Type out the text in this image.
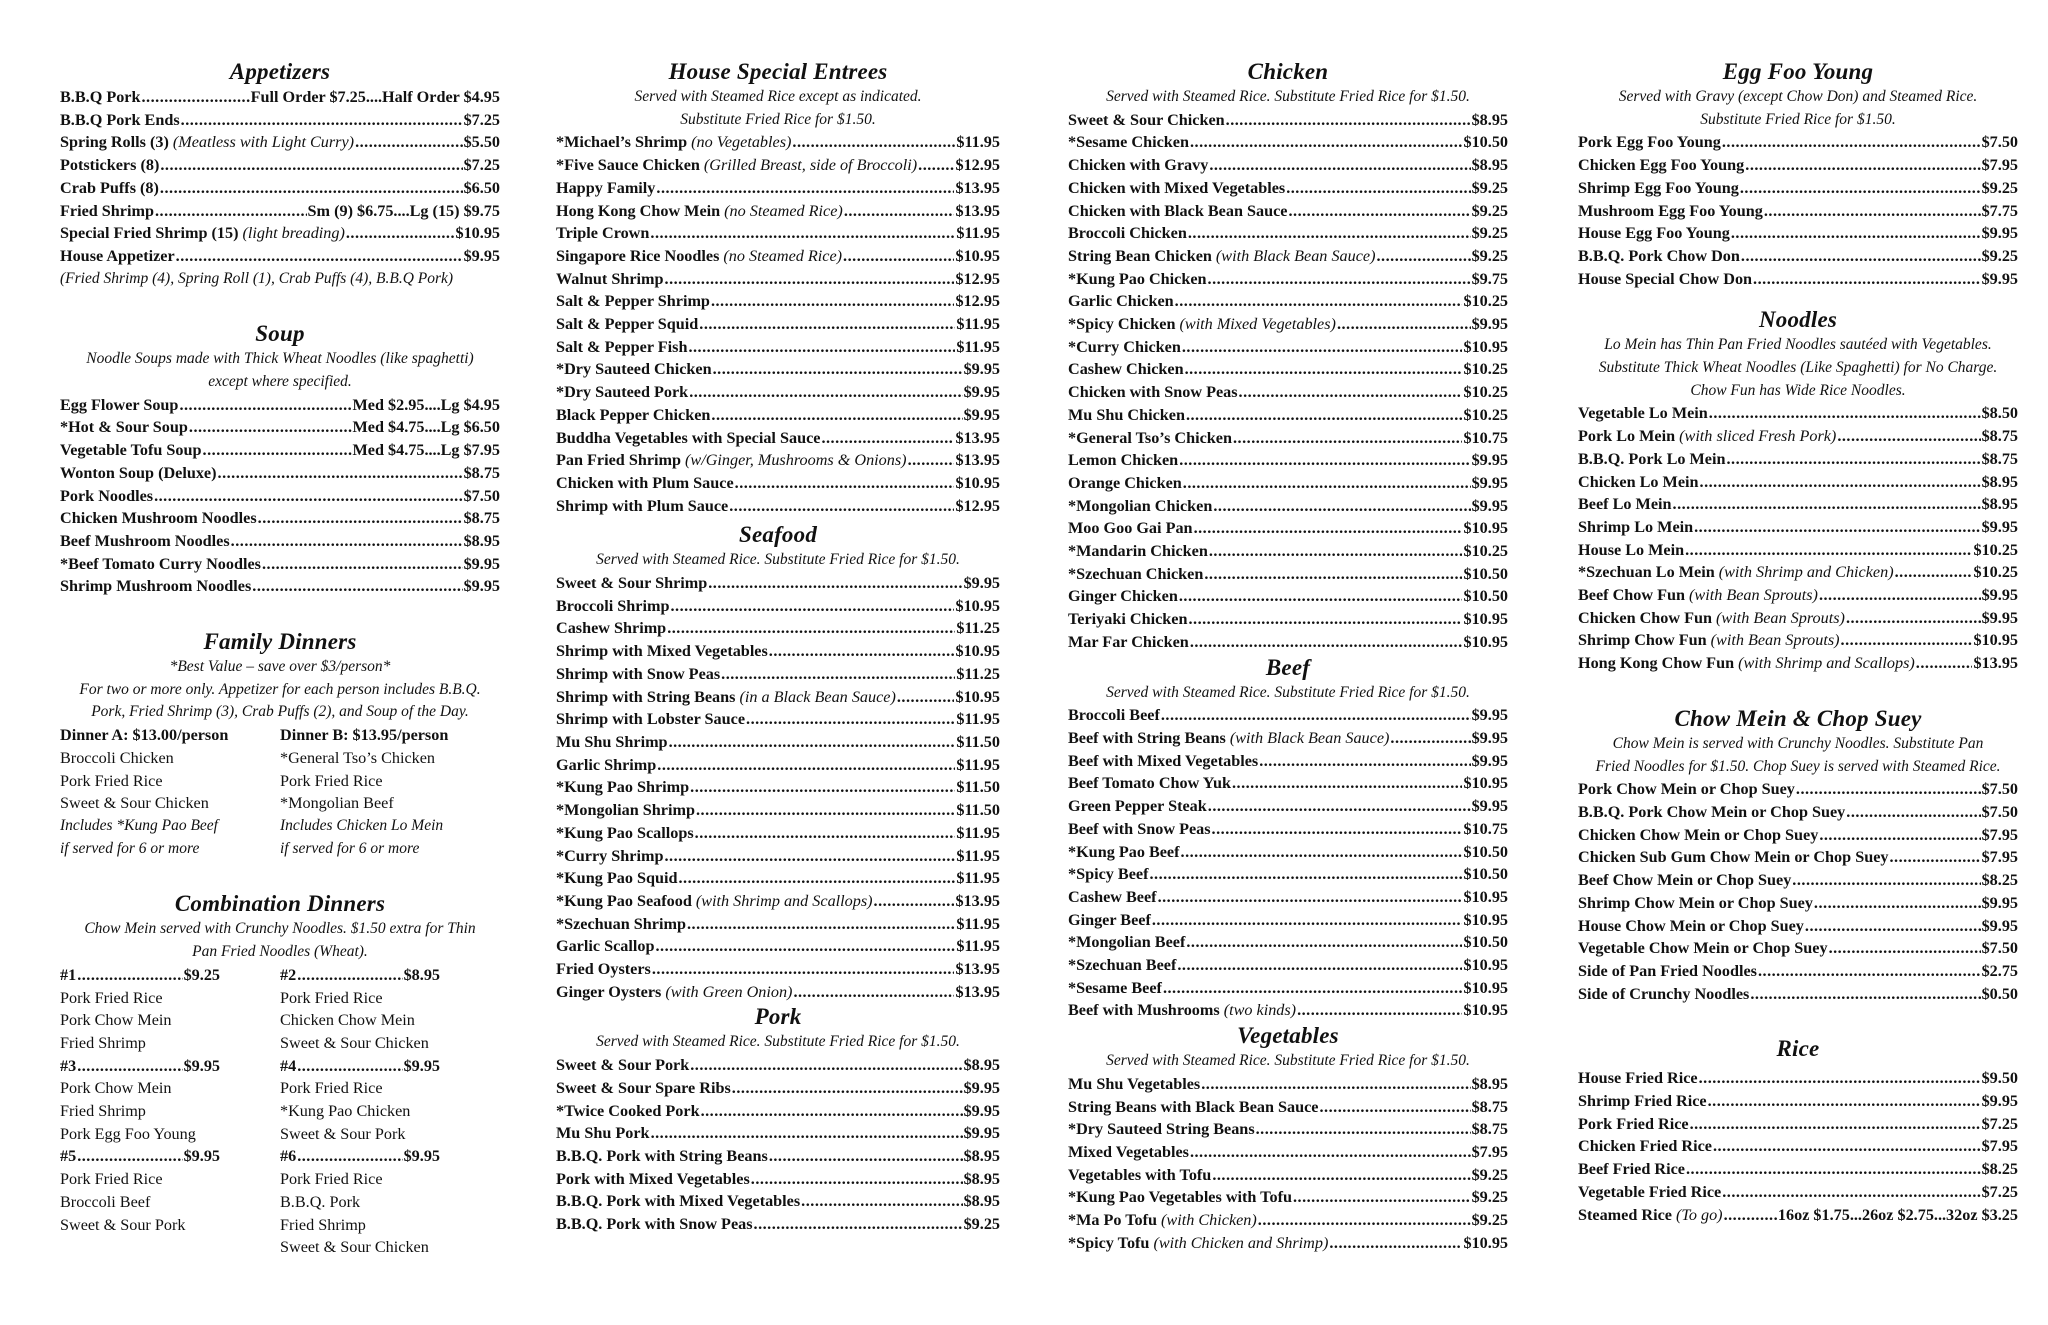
Appetizers
B.B.Q Pork .....	Full Order $7.25....Half Order $4.95
B.B.Q Pork Ends .....	$7.25
Spring Rolls (3) (Meatless with Light Curry) .....	$5.50
Potstickers (8) .....	$7.25
Crab Puffs (8) .....	$6.50
Fried Shrimp .....	Sm (9) $6.75....Lg (15) $9.75
Special Fried Shrimp (15) (light breading) .....	$10.95
House Appetizer .....	$9.95

(Fried Shrimp (4), Spring Roll (1), Crab Puffs (4), B.B.Q Pork)

Soup

Noodle Soups made with Thick Wheat Noodles (like spaghetti)

except where specified.

Egg Flower Soup .....	Med $2.95....Lg $4.95
*Hot & Sour Soup .....	Med $4.75....Lg $6.50
Vegetable Tofu Soup .....	Med $4.75....Lg $7.95
Wonton Soup (Deluxe) .....	$8.75
Pork Noodles .....	$7.50
Chicken Mushroom Noodles .....	$8.75
Beef Mushroom Noodles .....	$8.95
*Beef Tomato Curry Noodles .....	$9.95
Shrimp Mushroom Noodles .....	$9.95
Family Dinners

*Best Value – save over $3/person*

For two or more only. Appetizer for each person includes B.B.Q.

Pork, Fried Shrimp (3), Crab Puffs (2), and Soup of the Day.

Dinner A: $13.00/person

Broccoli Chicken

Pork Fried Rice

Sweet & Sour Chicken

Includes *Kung Pao Beef

if served for 6 or more

Dinner B: $13.95/person

*General Tso’s Chicken

Pork Fried Rice

*Mongolian Beef

Includes Chicken Lo Mein

if served for 6 or more

Combination Dinners

Chow Mein served with Crunchy Noodles. $1.50 extra for Thin

Pan Fried Noodles (Wheat).

#1 .....	$9.25

Pork Fried Rice

Pork Chow Mein

Fried Shrimp

#2 .....	$8.95

Pork Fried Rice

Chicken Chow Mein

Sweet & Sour Chicken

#3 .....	$9.95

Pork Chow Mein

Fried Shrimp

Pork Egg Foo Young

#4 .....	$9.95

Pork Fried Rice

*Kung Pao Chicken

Sweet & Sour Pork

#5 .....	$9.95

Pork Fried Rice

Broccoli Beef

Sweet & Sour Pork

#6 .....	$9.95

Pork Fried Rice

B.B.Q. Pork

Fried Shrimp

Sweet & Sour Chicken

House Special Entrees

Served with Steamed Rice except as indicated.

Substitute Fried Rice for $1.50.

*Michael’s Shrimp (no Vegetables) .....	$11.95
*Five Sauce Chicken (Grilled Breast, side of Broccoli) ..... $12.95
Happy Family .....	$13.95
Hong Kong Chow Mein (no Steamed Rice) .....	$13.95
Triple Crown .....	$11.95
Singapore Rice Noodles (no Steamed Rice) .....	$10.95
Walnut Shrimp .....	$12.95
Salt & Pepper Shrimp .....	$12.95
Salt & Pepper Squid .....	$11.95
Salt & Pepper Fish .....	$11.95
*Dry Sauteed Chicken .....	$9.95
*Dry Sauteed Pork .....	$9.95
Black Pepper Chicken .....	$9.95
Buddha Vegetables with Special Sauce .....	$13.95
Pan Fried Shrimp (w/Ginger, Mushrooms & Onions) .....	$13.95
Chicken with Plum Sauce .....	$10.95
Shrimp with Plum Sauce .....	$12.95
Seafood

Served with Steamed Rice. Substitute Fried Rice for $1.50.

Sweet & Sour Shrimp .....	$9.95
Broccoli Shrimp .....	$10.95
Cashew Shrimp .....	$11.25
Shrimp with Mixed Vegetables .....	$10.95
Shrimp with Snow Peas .....	$11.25
Shrimp with String Beans (in a Black Bean Sauce) .....	$10.95
Shrimp with Lobster Sauce .....	$11.95
Mu Shu Shrimp .....	$11.50
Garlic Shrimp .....	$11.95
*Kung Pao Shrimp .....	$11.50
*Mongolian Shrimp .....	$11.50
*Kung Pao Scallops .....	$11.95
*Curry Shrimp .....	$11.95
*Kung Pao Squid .....	$11.95
*Kung Pao Seafood (with Shrimp and Scallops) .....	$13.95
*Szechuan Shrimp .....	$11.95
Garlic Scallop .....	$11.95
Fried Oysters .....	$13.95
Ginger Oysters (with Green Onion) .....	$13.95
Pork

Served with Steamed Rice. Substitute Fried Rice for $1.50.

Sweet & Sour Pork .....	$8.95
Sweet & Sour Spare Ribs .....	$9.95
*Twice Cooked Pork .....	$9.95
Mu Shu Pork .....	$9.95
B.B.Q. Pork with String Beans .....	$8.95
Pork with Mixed Vegetables .....	$8.95
B.B.Q. Pork with Mixed Vegetables .....	$8.95
B.B.Q. Pork with Snow Peas .....	$9.25
Chicken

Served with Steamed Rice. Substitute Fried Rice for $1.50.

Sweet & Sour Chicken .....	$8.95
*Sesame Chicken .....	$10.50
Chicken with Gravy .....	$8.95
Chicken with Mixed Vegetables .....	$9.25
Chicken with Black Bean Sauce .....	$9.25
Broccoli Chicken .....	$9.25
String Bean Chicken (with Black Bean Sauce) .....	$9.25
*Kung Pao Chicken .....	$9.75
Garlic Chicken .....	$10.25
*Spicy Chicken (with Mixed Vegetables) .....	$9.95
*Curry Chicken .....	$10.95
Cashew Chicken .....	$10.25
Chicken with Snow Peas .....	$10.25
Mu Shu Chicken .....	$10.25
*General Tso’s Chicken .....	$10.75
Lemon Chicken .....	$9.95
Orange Chicken .....	$9.95
*Mongolian Chicken .....	$9.95
Moo Goo Gai Pan .....	$10.95
*Mandarin Chicken .....	$10.25
*Szechuan Chicken .....	$10.50
Ginger Chicken .....	$10.50
Teriyaki Chicken .....	$10.95
Mar Far Chicken .....	$10.95
Beef

Served with Steamed Rice. Substitute Fried Rice for $1.50.

Broccoli Beef .....	$9.95
Beef with String Beans (with Black Bean Sauce) .....	$9.95
Beef with Mixed Vegetables .....	$9.95
Beef Tomato Chow Yuk .....	$10.95
Green Pepper Steak .....	$9.95
Beef with Snow Peas .....	$10.75
*Kung Pao Beef .....	$10.50
*Spicy Beef .....	$10.50
Cashew Beef .....	$10.95
Ginger Beef .....	$10.95
*Mongolian Beef .....	$10.50
*Szechuan Beef .....	$10.95
*Sesame Beef .....	$10.95
Beef with Mushrooms (two kinds) .....	$10.95
Vegetables

Served with Steamed Rice. Substitute Fried Rice for $1.50.

Mu Shu Vegetables .....	$8.95
String Beans with Black Bean Sauce .....	$8.75
*Dry Sauteed String Beans .....	$8.75
Mixed Vegetables .....	$7.95
Vegetables with Tofu .....	$9.25
*Kung Pao Vegetables with Tofu .....	$9.25
*Ma Po Tofu (with Chicken) .....	$9.25
*Spicy Tofu (with Chicken and Shrimp) .....	$10.95
Egg Foo Young

Served with Gravy (except Chow Don) and Steamed Rice.

Substitute Fried Rice for $1.50.

Pork Egg Foo Young .....	$7.50
Chicken Egg Foo Young .....	$7.95
Shrimp Egg Foo Young .....	$9.25
Mushroom Egg Foo Young .....	$7.75
House Egg Foo Young .....	$9.95
B.B.Q. Pork Chow Don .....	$9.25
House Special Chow Don .....	$9.95
Noodles

Lo Mein has Thin Pan Fried Noodles sautéed with Vegetables.

Substitute Thick Wheat Noodles (Like Spaghetti) for No Charge.

Chow Fun has Wide Rice Noodles.

Vegetable Lo Mein .....	$8.50
Pork Lo Mein (with sliced Fresh Pork) .....	$8.75
B.B.Q. Pork Lo Mein .....	$8.75
Chicken Lo Mein .....	$8.95
Beef Lo Mein .....	$8.95
Shrimp Lo Mein .....	$9.95
House Lo Mein .....	$10.25
*Szechuan Lo Mein (with Shrimp and Chicken) .....	$10.25
Beef Chow Fun (with Bean Sprouts) .....	$9.95
Chicken Chow Fun (with Bean Sprouts) .....	$9.95
Shrimp Chow Fun (with Bean Sprouts) .....	$10.95
Hong Kong Chow Fun (with Shrimp and Scallops) .....	$13.95
Chow Mein & Chop Suey

Chow Mein is served with Crunchy Noodles. Substitute Pan

Fried Noodles for $1.50. Chop Suey is served with Steamed Rice.

Pork Chow Mein or Chop Suey .....	$7.50
B.B.Q. Pork Chow Mein or Chop Suey .....	$7.50
Chicken Chow Mein or Chop Suey .....	$7.95
Chicken Sub Gum Chow Mein or Chop Suey .....	$7.95
Beef Chow Mein or Chop Suey .....	$8.25
Shrimp Chow Mein or Chop Suey .....	$9.95
House Chow Mein or Chop Suey .....	$9.95
Vegetable Chow Mein or Chop Suey .....	$7.50
Side of Pan Fried Noodles .....	$2.75
Side of Crunchy Noodles .....	$0.50
Rice
House Fried Rice .....	$9.50
Shrimp Fried Rice .....	$9.95
Pork Fried Rice .....	$7.25
Chicken Fried Rice .....	$7.95
Beef Fried Rice .....	$8.25
Vegetable Fried Rice .....	$7.25
Steamed Rice (To go) .....	16oz $1.75...26oz $2.75...32oz $3.25
